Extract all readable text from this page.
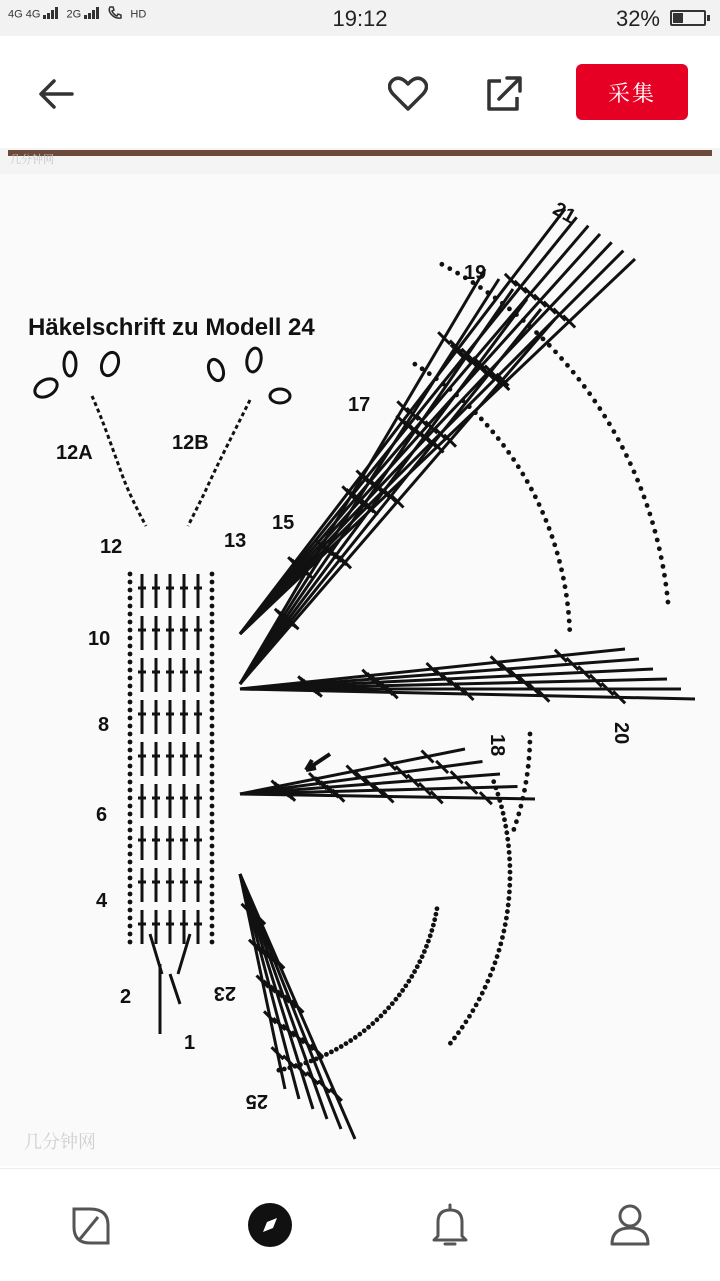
4G 4G 2G	HD	19:12	32%
采集
几分钟网
Häkelschrift zu Modell 24
12
10
8
6
4
2
1
12A	12B
13
21
19
17
15
20
18
23
25
几分钟网
